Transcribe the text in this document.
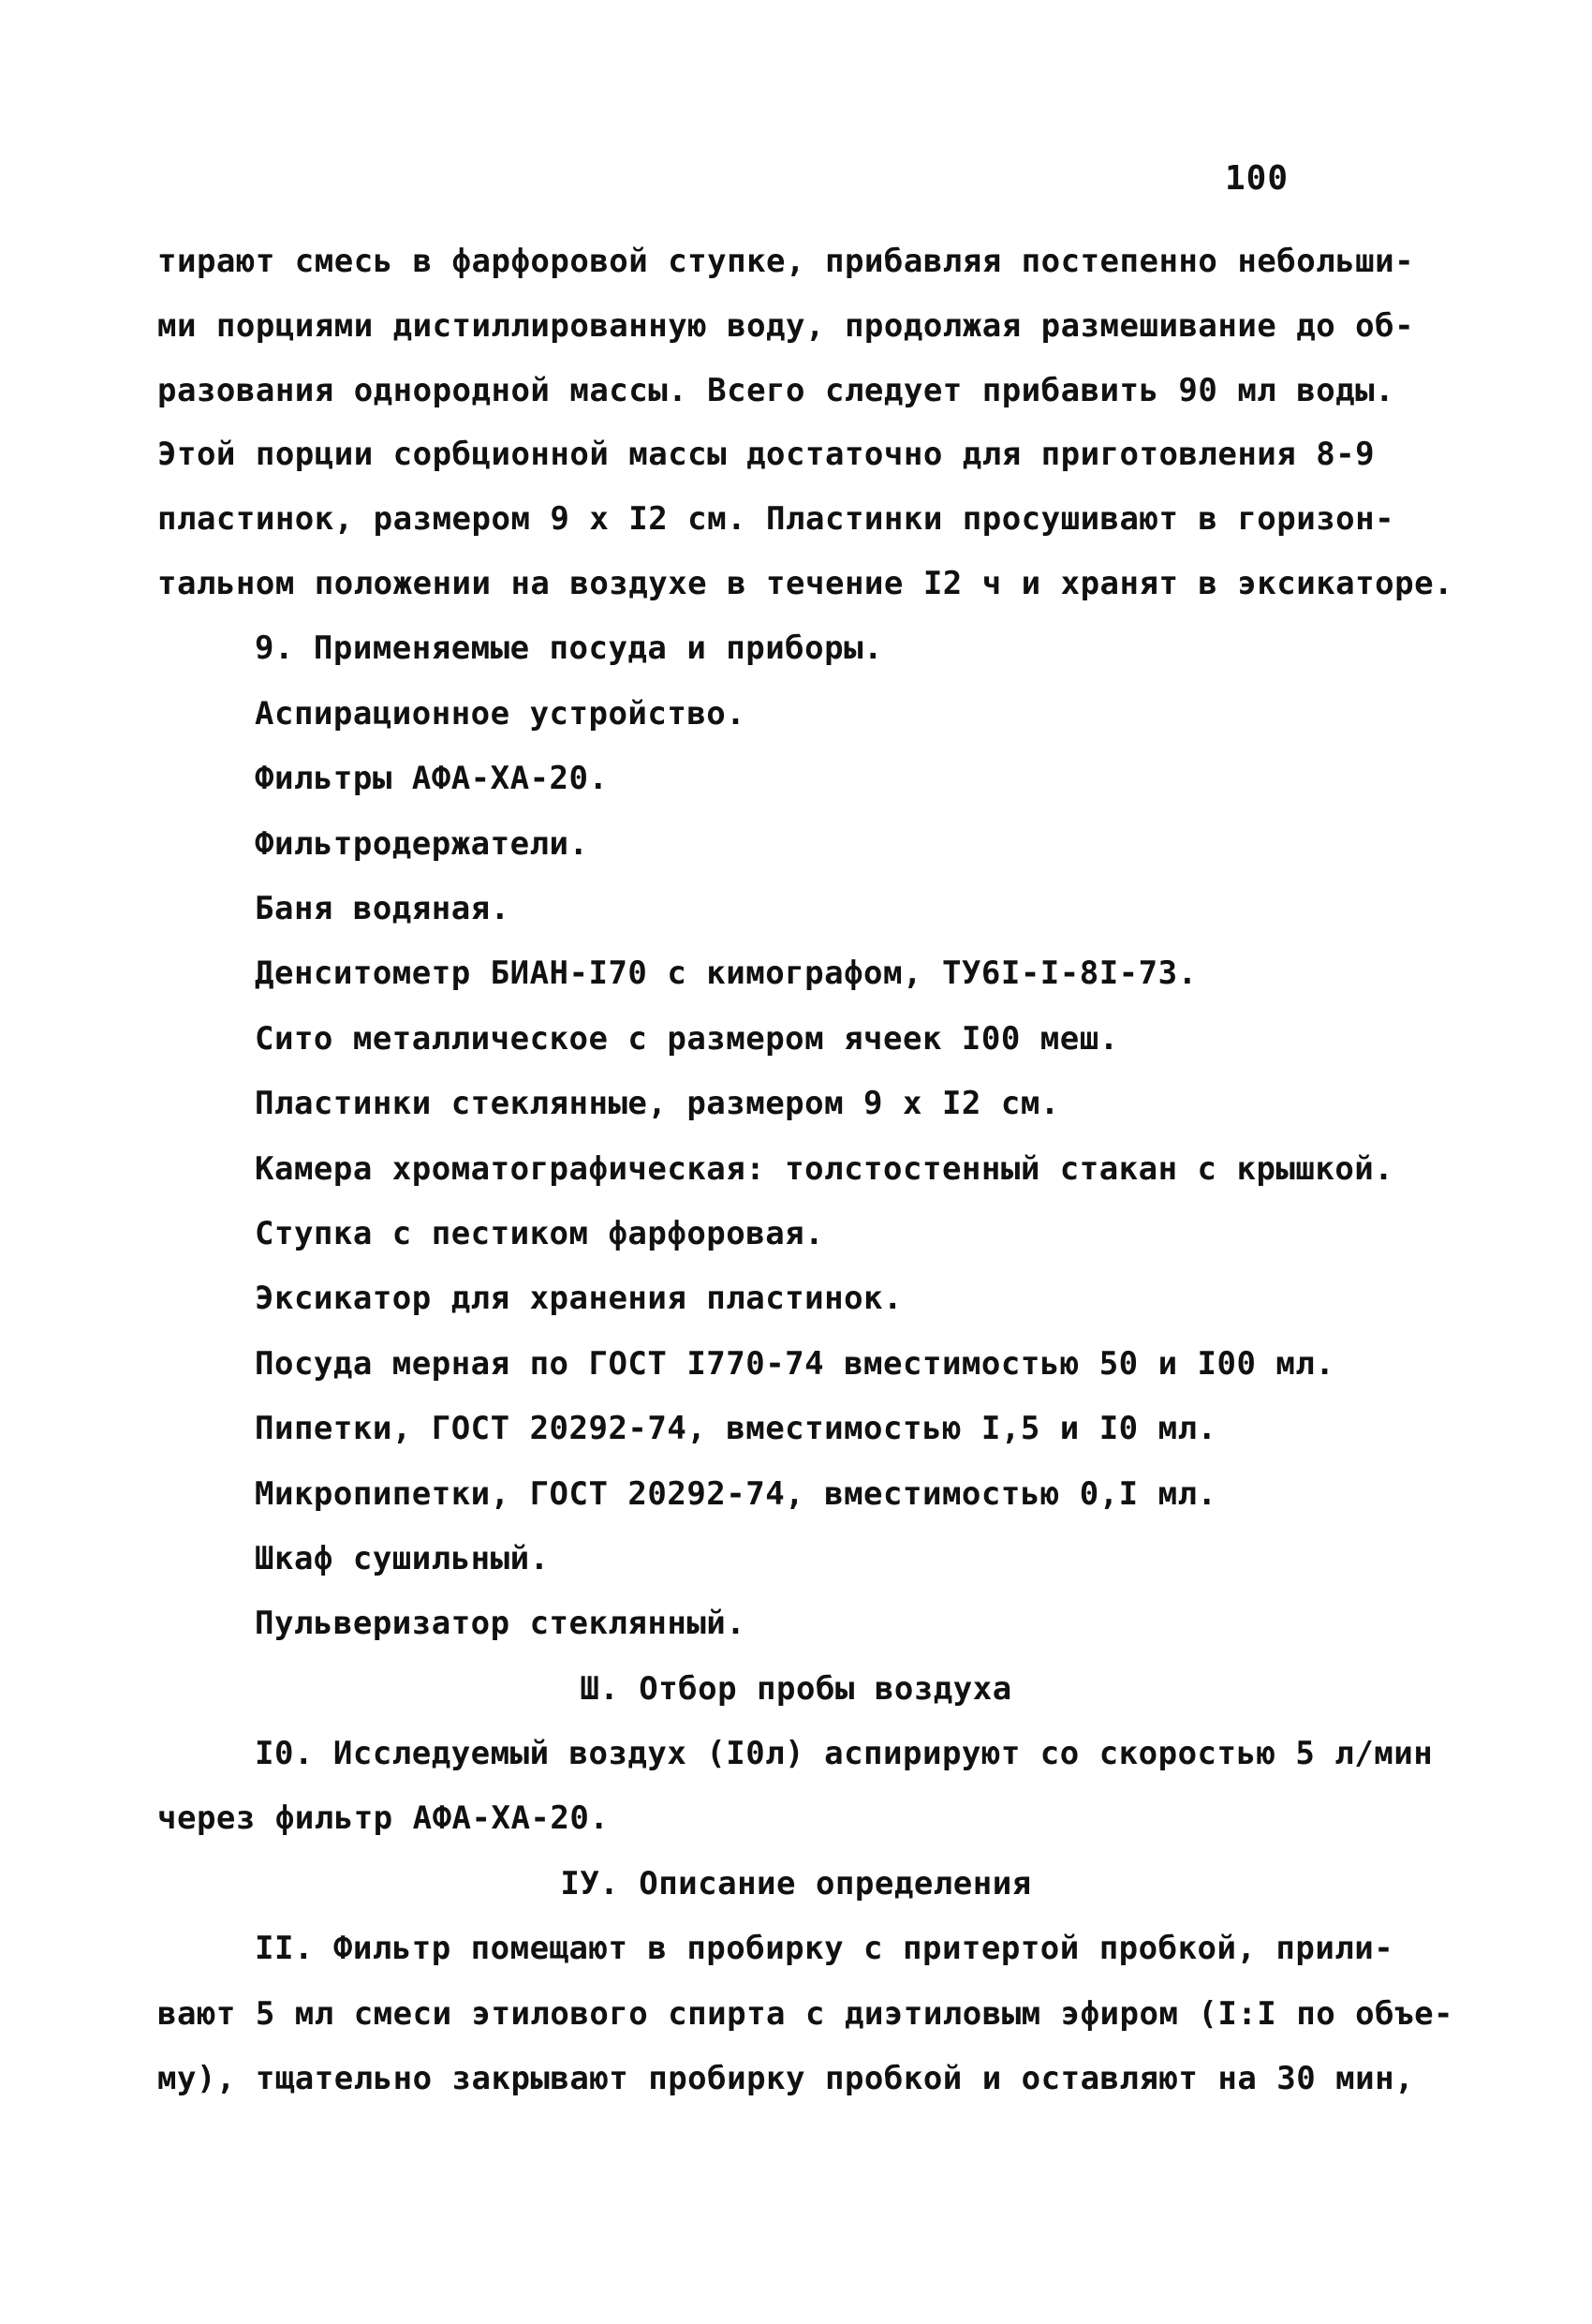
100
тирают смесь в фарфоровой ступке, прибавляя постепенно небольши-
ми порциями дистиллированную воду, продолжая размешивание до об-
разования однородной массы. Всего следует прибавить 90 мл воды.
Этой порции сорбционной массы достаточно для приготовления 8-9
пластинок, размером 9 х I2 см. Пластинки просушивают в горизон-
тальном положении на воздухе в течение I2 ч и хранят в эксикаторе.
9. Применяемые посуда и приборы.
Аспирационное устройство.
Фильтры АФА-ХА-20.
Фильтродержатели.
Баня водяная.
Денситометр БИАН-I70 с кимографом, ТУ6I-I-8I-73.
Сито металлическое с размером ячеек I00 меш.
Пластинки стеклянные, размером 9 х I2 см.
Камера хроматографическая: толстостенный стакан с крышкой.
Ступка с пестиком фарфоровая.
Эксикатор для хранения пластинок.
Посуда мерная по ГОСТ I770-74 вместимостью 50 и I00 мл.
Пипетки, ГОСТ 20292-74, вместимостью I,5 и I0 мл.
Микропипетки, ГОСТ 20292-74, вместимостью 0,I мл.
Шкаф сушильный.
Пульверизатор стеклянный.
Ш. Отбор пробы воздуха
I0. Исследуемый воздух (I0л) аспирируют со скоростью 5 л/мин
через фильтр АФА-ХА-20.
IУ. Описание определения
II. Фильтр помещают в пробирку с притертой пробкой, прили-
вают 5 мл смеси этилового спирта с диэтиловым эфиром (I:I по объе-
му), тщательно закрывают пробирку пробкой и оставляют на 30 мин,
